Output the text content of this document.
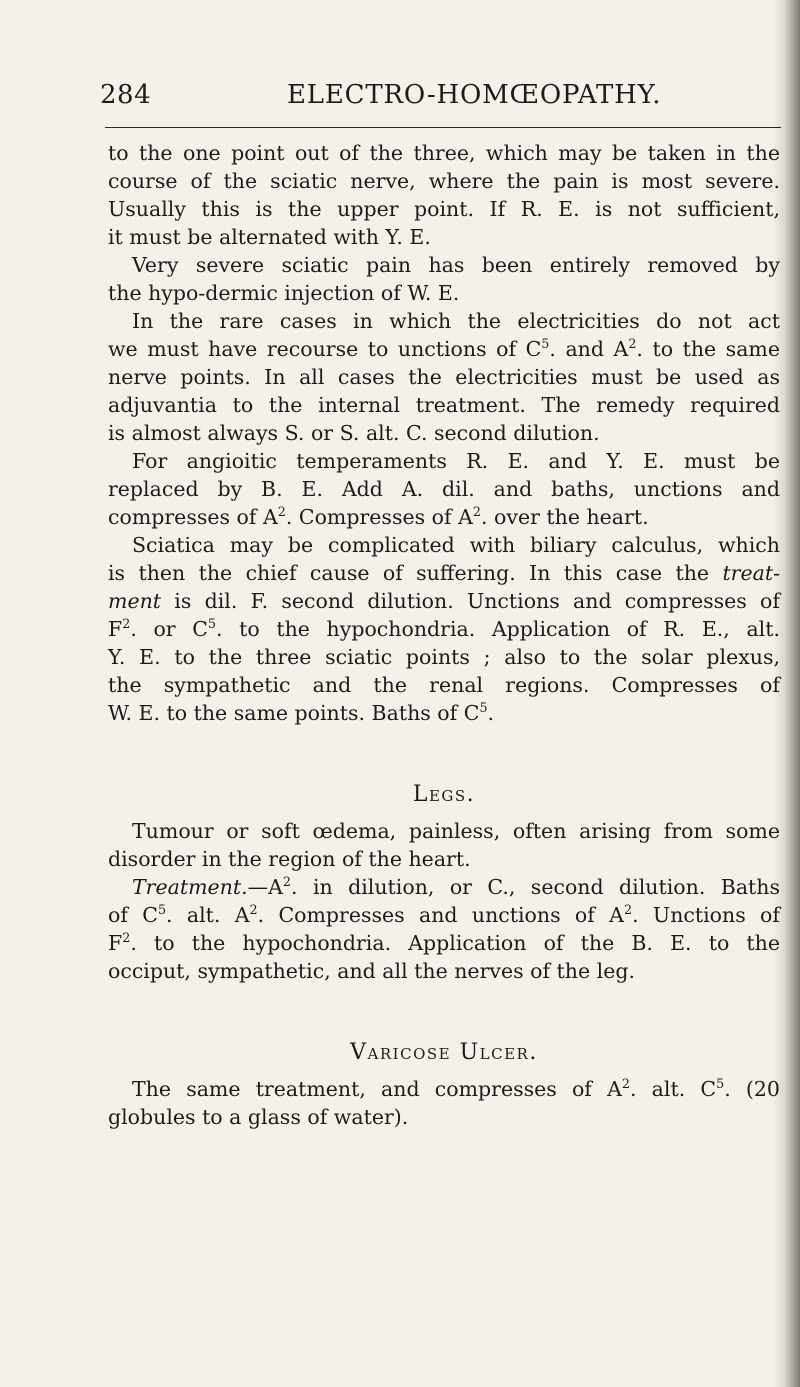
284	ELECTRO-HOMŒOPATHY.
to the one point out of the three, which may be taken in the
course of the sciatic nerve, where the pain is most severe.
Usually this is the upper point. If R. E. is not sufficient,
it must be alternated with Y. E.
Very severe sciatic pain has been entirely removed by
the hypo-dermic injection of W. E.
In the rare cases in which the electricities do not act
we must have recourse to unctions of $C^5$. and $A^2$. to the same
nerve points. In all cases the electricities must be used as
adjuvantia to the internal treatment. The remedy required
is almost always S. or S. alt. C. second dilution.
For angioitic temperaments R. E. and Y. E. must be
replaced by B. E. Add A. dil. and baths, unctions and
compresses of $A^2$. Compresses of $A^2$. over the heart.
Sciatica may be complicated with biliary calculus, which
is then the chief cause of suffering. In this case the treat-
ment is dil. F. second dilution. Unctions and compresses of
$F^2$. or $C^5$. to the hypochondria. Application of R. E., alt.
Y. E. to the three sciatic points ; also to the solar plexus,
the sympathetic and the renal regions. Compresses of
W. E. to the same points. Baths of $C^5$.
Legs.
Tumour or soft œdema, painless, often arising from some
disorder in the region of the heart.
$Treatment.—A^2$. in dilution, or C., second dilution. Baths
of $C^5$. alt. $A^2$. Compresses and unctions of $A^2$. Unctions of
$F^2$. to the hypochondria. Application of the B. E. to the
occiput, sympathetic, and all the nerves of the leg.
Varicose Ulcer.
The same treatment, and compresses of $A^2$. alt. $C^5$. (20
globules to a glass of water).
